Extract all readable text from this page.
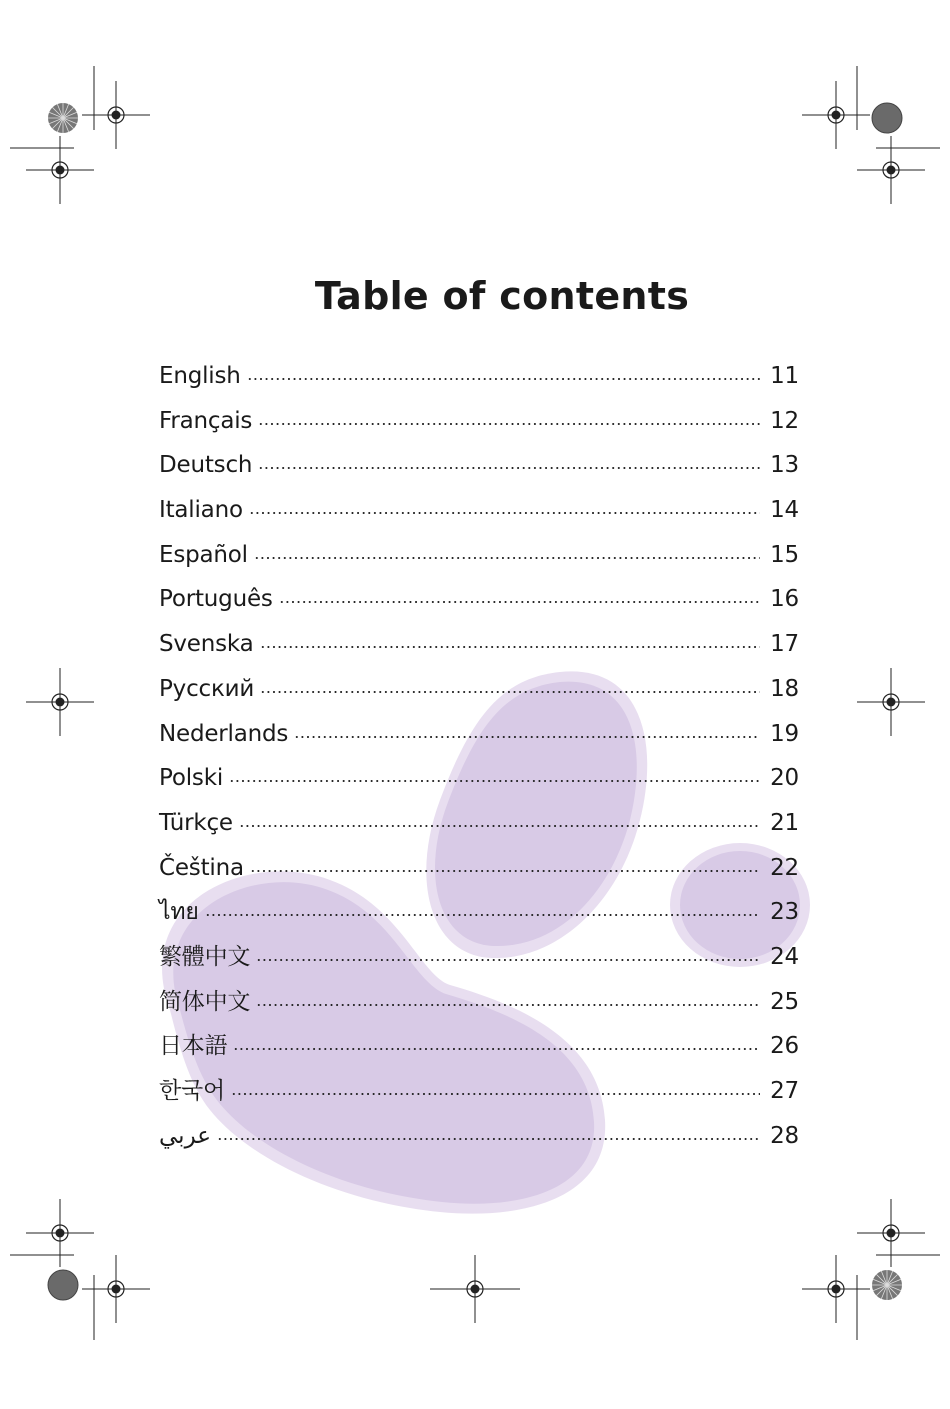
Table of contents
English	11
Français	12
Deutsch	13
Italiano	14
Español	15
Português	16
Svenska	17
Русский	18
Nederlands	19
Polski	20
Türkçe	21
Čeština	22
ไทย	23
繁體中文	24
简体中文	25
日本語	26
한국어	27
عربي	28
